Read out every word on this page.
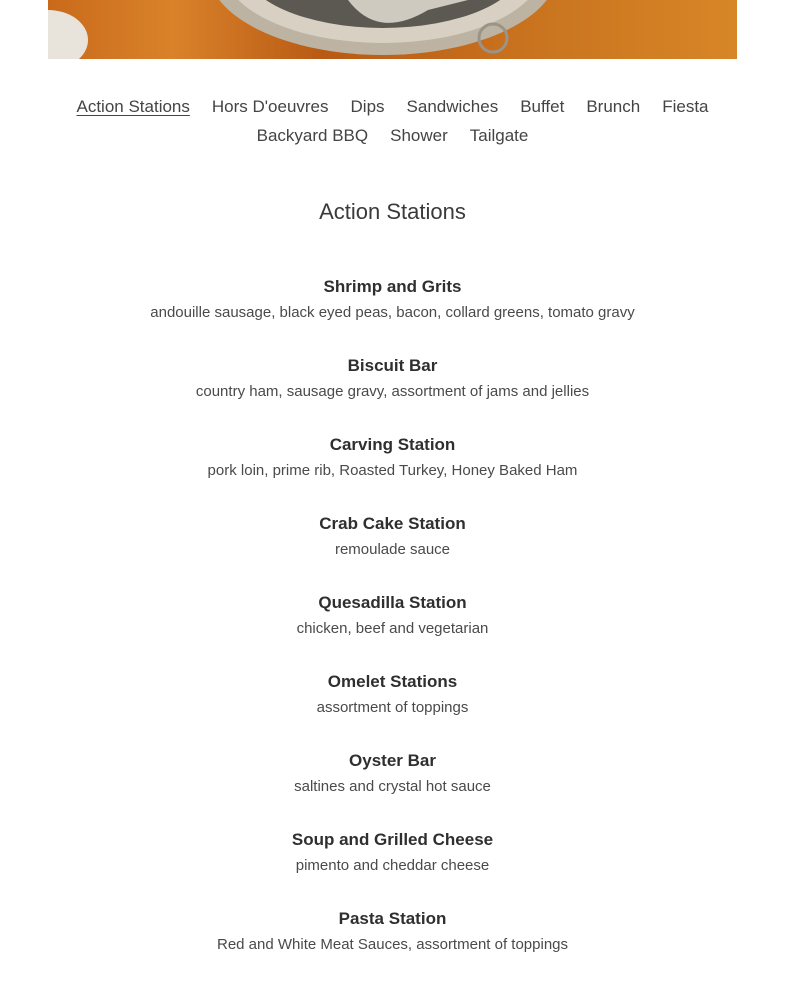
Action Stations Hors D'oeuvres Dips Sandwiches Buffet Brunch Fiesta
Backyard BBQ Shower Tailgate
Action Stations
Shrimp and Grits
andouille sausage, black eyed peas, bacon, collard greens, tomato gravy
Biscuit Bar
country ham, sausage gravy, assortment of jams and jellies
Carving Station
pork loin, prime rib, Roasted Turkey, Honey Baked Ham
Crab Cake Station
remoulade sauce
Quesadilla Station
chicken, beef and vegetarian
Omelet Stations
assortment of toppings
Oyster Bar
saltines and crystal hot sauce
Soup and Grilled Cheese
pimento and cheddar cheese
Pasta Station
Red and White Meat Sauces, assortment of toppings
